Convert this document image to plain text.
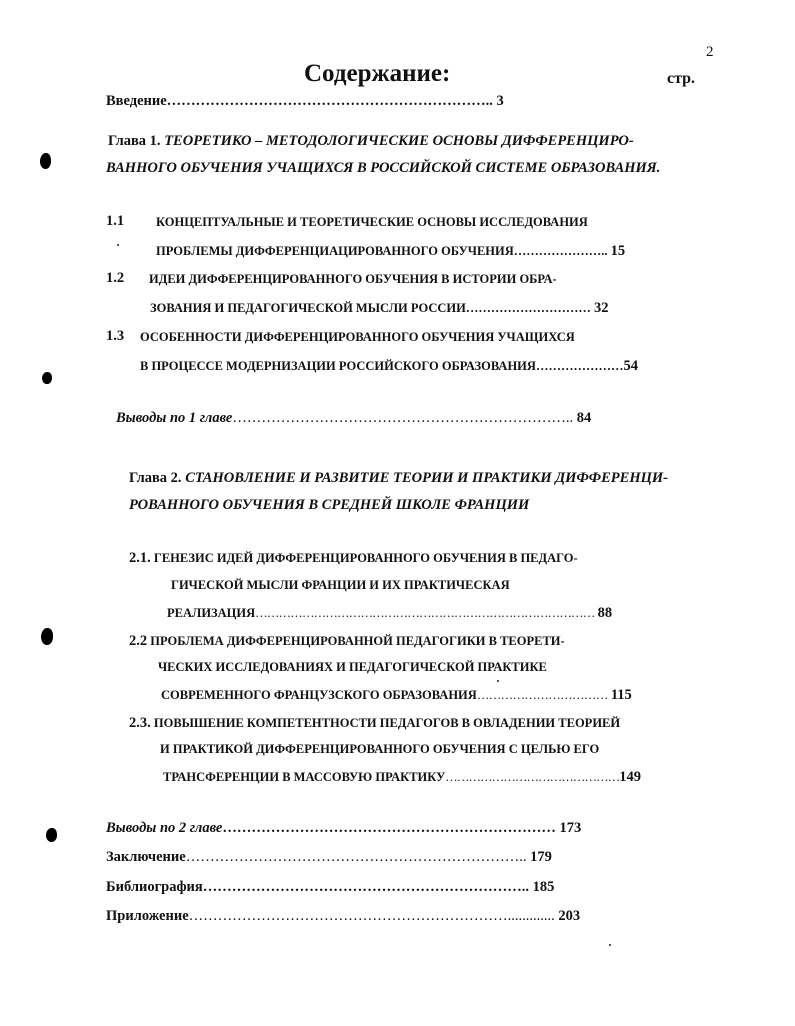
2
Содержание:	стр.
Введение………………………………………………………….. 3
Глава 1. ТЕОРЕТИКО – МЕТОДОЛОГИЧЕСКИЕ ОСНОВЫ ДИФФЕРЕНЦИРО-
ВАННОГО ОБУЧЕНИЯ УЧАЩИХСЯ В РОССИЙСКОЙ СИСТЕМЕ ОБРАЗОВАНИЯ.
1.1	КОНЦЕПТУАЛЬНЫЕ И ТЕОРЕТИЧЕСКИЕ ОСНОВЫ ИССЛЕДОВАНИЯ
ПРОБЛЕМЫ ДИФФЕРЕНЦИАЦИРОВАННОГО ОБУЧЕНИЯ………………….. 15
1.2 ИДЕИ ДИФФЕРЕНЦИРОВАННОГО ОБУЧЕНИЯ В ИСТОРИИ ОБРА-
ЗОВАНИЯ И ПЕДАГОГИЧЕСКОЙ МЫСЛИ РОССИИ………………………… 32
1.3 ОСОБЕННОСТИ ДИФФЕРЕНЦИРОВАННОГО ОБУЧЕНИЯ УЧАЩИХСЯ
В ПРОЦЕССЕ МОДЕРНИЗАЦИИ РОССИЙСКОГО ОБРАЗОВАНИЯ…………………54
Выводы по 1 главе…………………………………………………………….. 84
Глава 2. СТАНОВЛЕНИЕ И РАЗВИТИЕ ТЕОРИИ И ПРАКТИКИ ДИФФЕРЕНЦИ-
РОВАННОГО ОБУЧЕНИЯ В СРЕДНЕЙ ШКОЛЕ ФРАНЦИИ
2.1. ГЕНЕЗИС ИДЕЙ ДИФФЕРЕНЦИРОВАННОГО ОБУЧЕНИЯ В ПЕДАГО-
ГИЧЕСКОЙ МЫСЛИ ФРАНЦИИ И ИХ ПРАКТИЧЕСКАЯ
РЕАЛИЗАЦИЯ…………………………………………………………………………… 88
2.2 ПРОБЛЕМА ДИФФЕРЕНЦИРОВАННОЙ ПЕДАГОГИКИ В ТЕОРЕТИ-
ЧЕСКИХ ИССЛЕДОВАНИЯХ И ПЕДАГОГИЧЕСКОЙ ПРАКТИКЕ
СОВРЕМЕННОГО ФРАНЦУЗСКОГО ОБРАЗОВАНИЯ…………………………… 115
2.3. ПОВЫШЕНИЕ КОМПЕТЕНТНОСТИ ПЕДАГОГОВ В ОВЛАДЕНИИ ТЕОРИЕЙ
И ПРАКТИКОЙ ДИФФЕРЕНЦИРОВАННОГО ОБУЧЕНИЯ С ЦЕЛЬЮ ЕГО
ТРАНСФЕРЕНЦИИ В МАССОВУЮ ПРАКТИКУ………………………………………149
Выводы по 2 главе…………………………………………………………… 173
Заключение…………………………………………………………….. 179
Библиография………………………………………………………….. 185
Приложение…………………………………………………………............. 203
